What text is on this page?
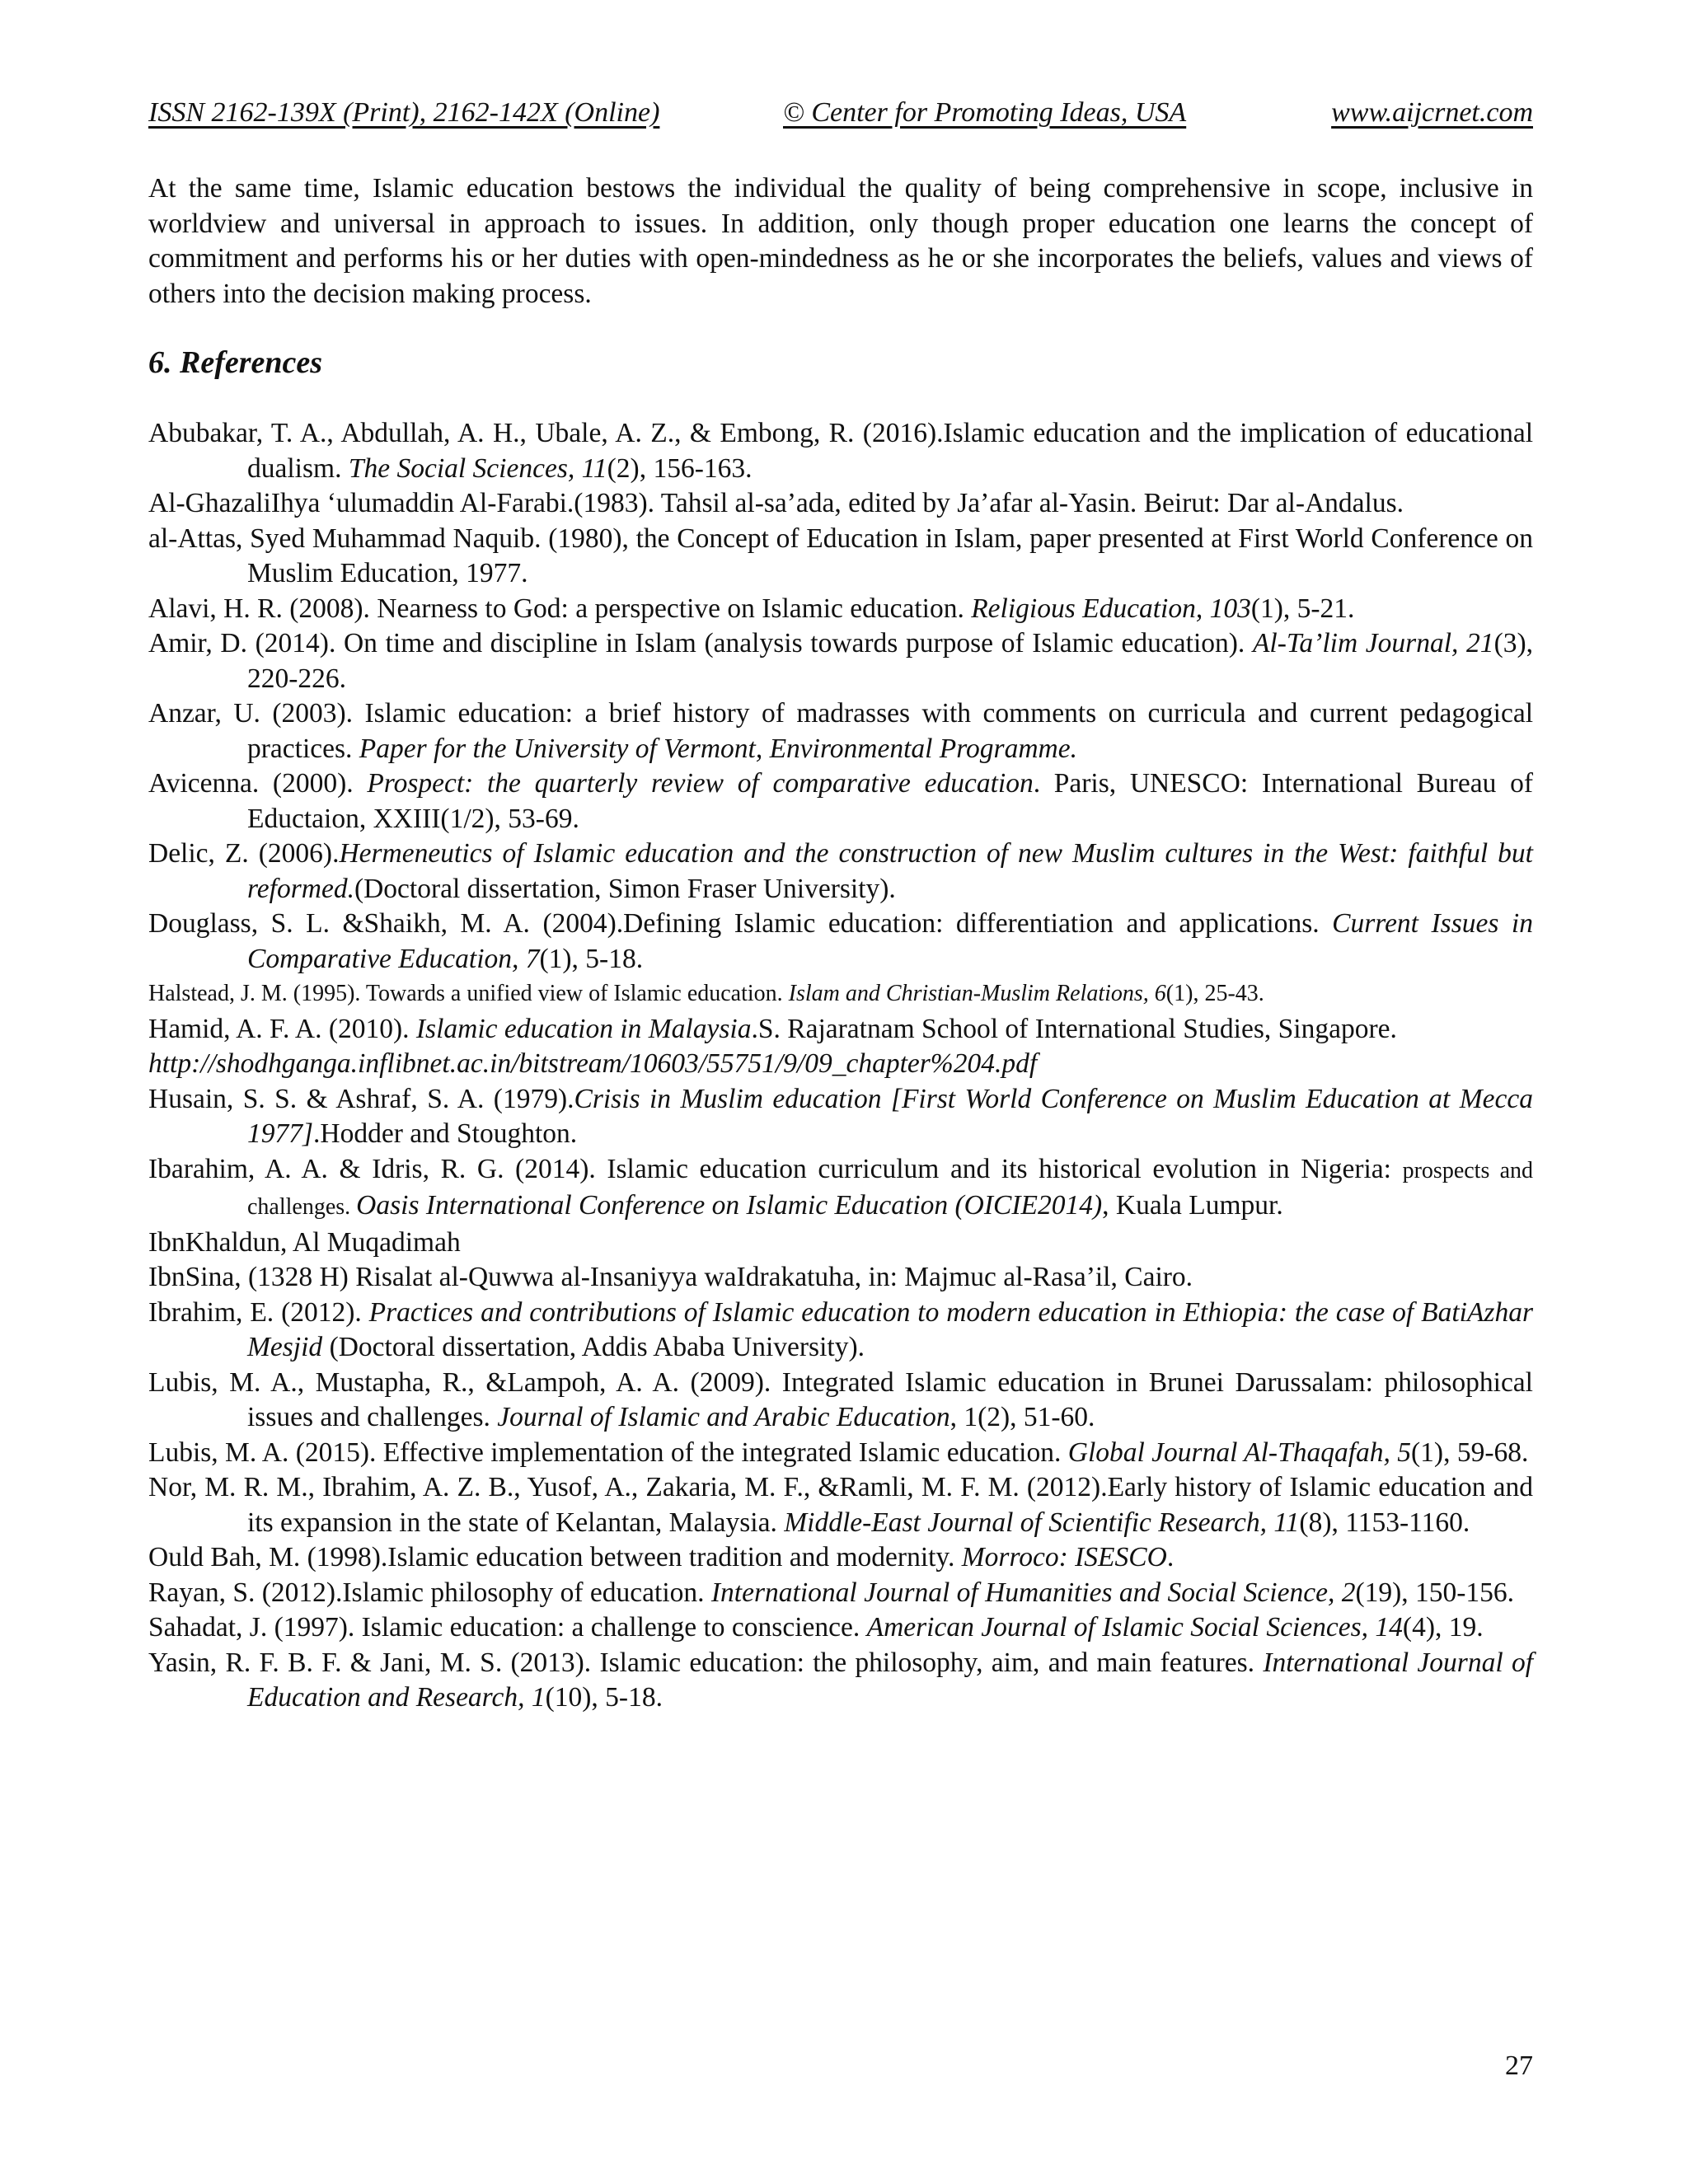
ISSN 2162-139X (Print), 2162-142X (Online)	© Center for Promoting Ideas, USA	www.aijcrnet.com

At the same time, Islamic education bestows the individual the quality of being comprehensive in scope, inclusive in worldview and universal in approach to issues. In addition, only though proper education one learns the concept of commitment and performs his or her duties with open-mindedness as he or she incorporates the beliefs, values and views of others into the decision making process.

6. References
Abubakar, T. A., Abdullah, A. H., Ubale, A. Z., & Embong, R. (2016).Islamic education and the implication of educational dualism. The Social Sciences, 11(2), 156-163.
Al-GhazaliIhya ‘ulumaddin Al-Farabi.(1983). Tahsil al-sa’ada, edited by Ja’afar al-Yasin. Beirut: Dar al-Andalus.
al-Attas, Syed Muhammad Naquib. (1980), the Concept of Education in Islam, paper presented at First World Conference on Muslim Education, 1977.
Alavi, H. R. (2008). Nearness to God: a perspective on Islamic education. Religious Education, 103(1), 5-21.
Amir, D. (2014). On time and discipline in Islam (analysis towards purpose of Islamic education). Al-Ta’lim Journal, 21(3), 220-226.
Anzar, U. (2003). Islamic education: a brief history of madrasses with comments on curricula and current pedagogical practices. Paper for the University of Vermont, Environmental Programme.
Avicenna. (2000). Prospect: the quarterly review of comparative education. Paris, UNESCO: International Bureau of Eductaion, XXIII(1/2), 53-69.
Delic, Z. (2006).Hermeneutics of Islamic education and the construction of new Muslim cultures in the West: faithful but reformed.(Doctoral dissertation, Simon Fraser University).
Douglass, S. L. &Shaikh, M. A. (2004).Defining Islamic education: differentiation and applications. Current Issues in Comparative Education, 7(1), 5-18.
Halstead, J. M. (1995). Towards a unified view of Islamic education. Islam and Christian-Muslim Relations, 6(1), 25-43.
Hamid, A. F. A. (2010). Islamic education in Malaysia.S. Rajaratnam School of International Studies, Singapore.
http://shodhganga.inflibnet.ac.in/bitstream/10603/55751/9/09_chapter%204.pdf
Husain, S. S. & Ashraf, S. A. (1979).Crisis in Muslim education [First World Conference on Muslim Education at Mecca 1977].Hodder and Stoughton.
Ibarahim, A. A. & Idris, R. G. (2014). Islamic education curriculum and its historical evolution in Nigeria: prospects and challenges. Oasis International Conference on Islamic Education (OICIE2014), Kuala Lumpur.
IbnKhaldun, Al Muqadimah
IbnSina, (1328 H) Risalat al-Quwwa al-Insaniyya waIdrakatuha, in: Majmuc al-Rasa’il, Cairo.
Ibrahim, E. (2012). Practices and contributions of Islamic education to modern education in Ethiopia: the case of BatiAzhar Mesjid (Doctoral dissertation, Addis Ababa University).
Lubis, M. A., Mustapha, R., &Lampoh, A. A. (2009). Integrated Islamic education in Brunei Darussalam: philosophical issues and challenges. Journal of Islamic and Arabic Education, 1(2), 51-60.
Lubis, M. A. (2015). Effective implementation of the integrated Islamic education. Global Journal Al-Thaqafah, 5(1), 59-68.
Nor, M. R. M., Ibrahim, A. Z. B., Yusof, A., Zakaria, M. F., &Ramli, M. F. M. (2012).Early history of Islamic education and its expansion in the state of Kelantan, Malaysia. Middle-East Journal of Scientific Research, 11(8), 1153-1160.
Ould Bah, M. (1998).Islamic education between tradition and modernity. Morroco: ISESCO.
Rayan, S. (2012).Islamic philosophy of education. International Journal of Humanities and Social Science, 2(19), 150-156.
Sahadat, J. (1997). Islamic education: a challenge to conscience. American Journal of Islamic Social Sciences, 14(4), 19.
Yasin, R. F. B. F. & Jani, M. S. (2013). Islamic education: the philosophy, aim, and main features. International Journal of Education and Research, 1(10), 5-18.
27
